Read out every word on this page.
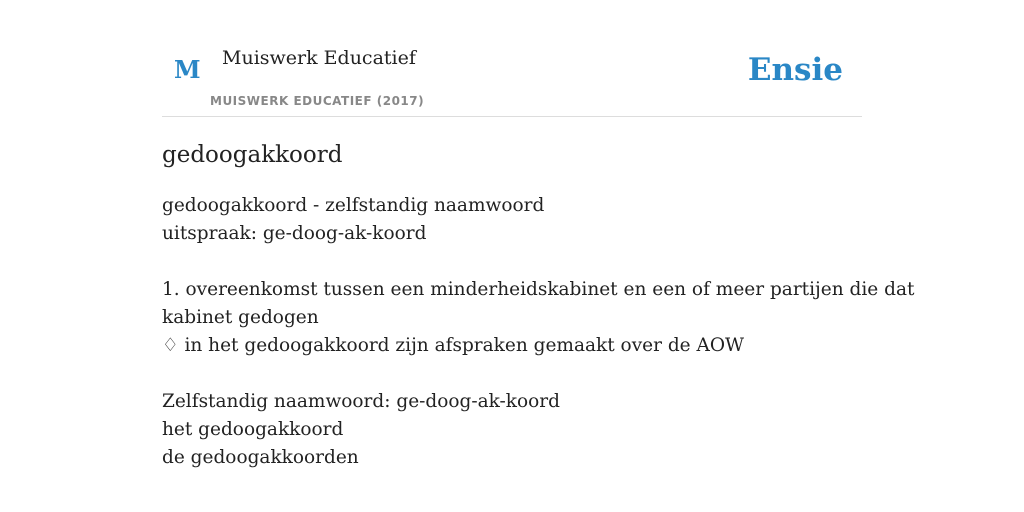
M Muiswerk Educatief
MUISWERK EDUCATIEF (2017)
Ensie
gedoogakkoord
gedoogakkoord - zelfstandig naamwoord
uitspraak: ge-doog-ak-koord
1. overeenkomst tussen een minderheidskabinet en een of meer partijen die dat
kabinet gedogen
♢ in het gedoogakkoord zijn afspraken gemaakt over de AOW
Zelfstandig naamwoord: ge-doog-ak-koord
het gedoogakkoord
de gedoogakkoorden
